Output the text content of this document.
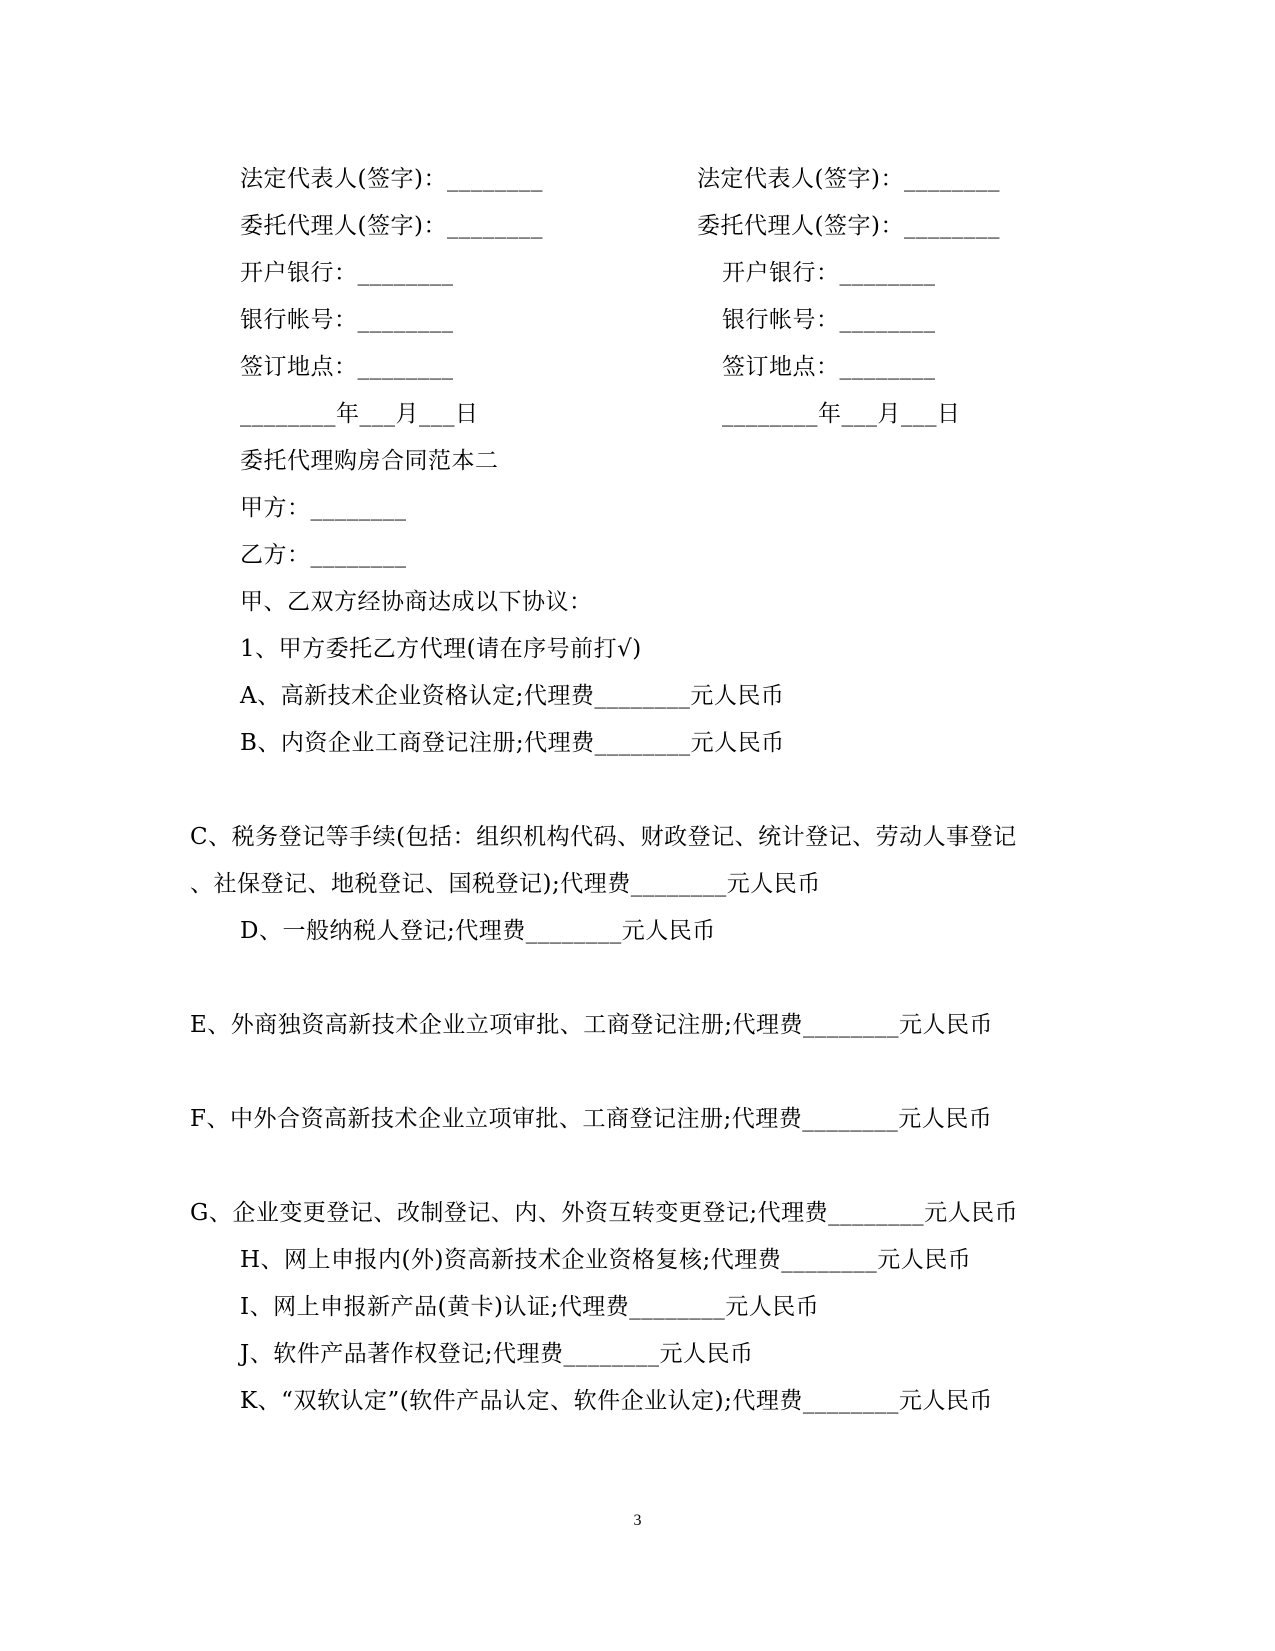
法定代表人(签字)：________
委托代理人(签字)：________
开户银行：________
银行帐号：________
签订地点：________
________年___月___日
法定代表人(签字)：________
委托代理人(签字)：________
开户银行：________
银行帐号：________
签订地点：________
________年___月___日
委托代理购房合同范本二
甲方：________
乙方：________
甲、乙双方经协商达成以下协议：
1、甲方委托乙方代理(请在序号前打√)
A、高新技术企业资格认定;代理费________元人民币
B、内资企业工商登记注册;代理费________元人民币
C、税务登记等手续(包括：组织机构代码、财政登记、统计登记、劳动人事登记
、社保登记、地税登记、国税登记);代理费________元人民币
D、一般纳税人登记;代理费________元人民币
E、外商独资高新技术企业立项审批、工商登记注册;代理费________元人民币
F、中外合资高新技术企业立项审批、工商登记注册;代理费________元人民币
G、企业变更登记、改制登记、内、外资互转变更登记;代理费________元人民币
H、网上申报内(外)资高新技术企业资格复核;代理费________元人民币
I、网上申报新产品(黄卡)认证;代理费________元人民币
J、软件产品著作权登记;代理费________元人民币
K、“双软认定”(软件产品认定、软件企业认定);代理费________元人民币
3
